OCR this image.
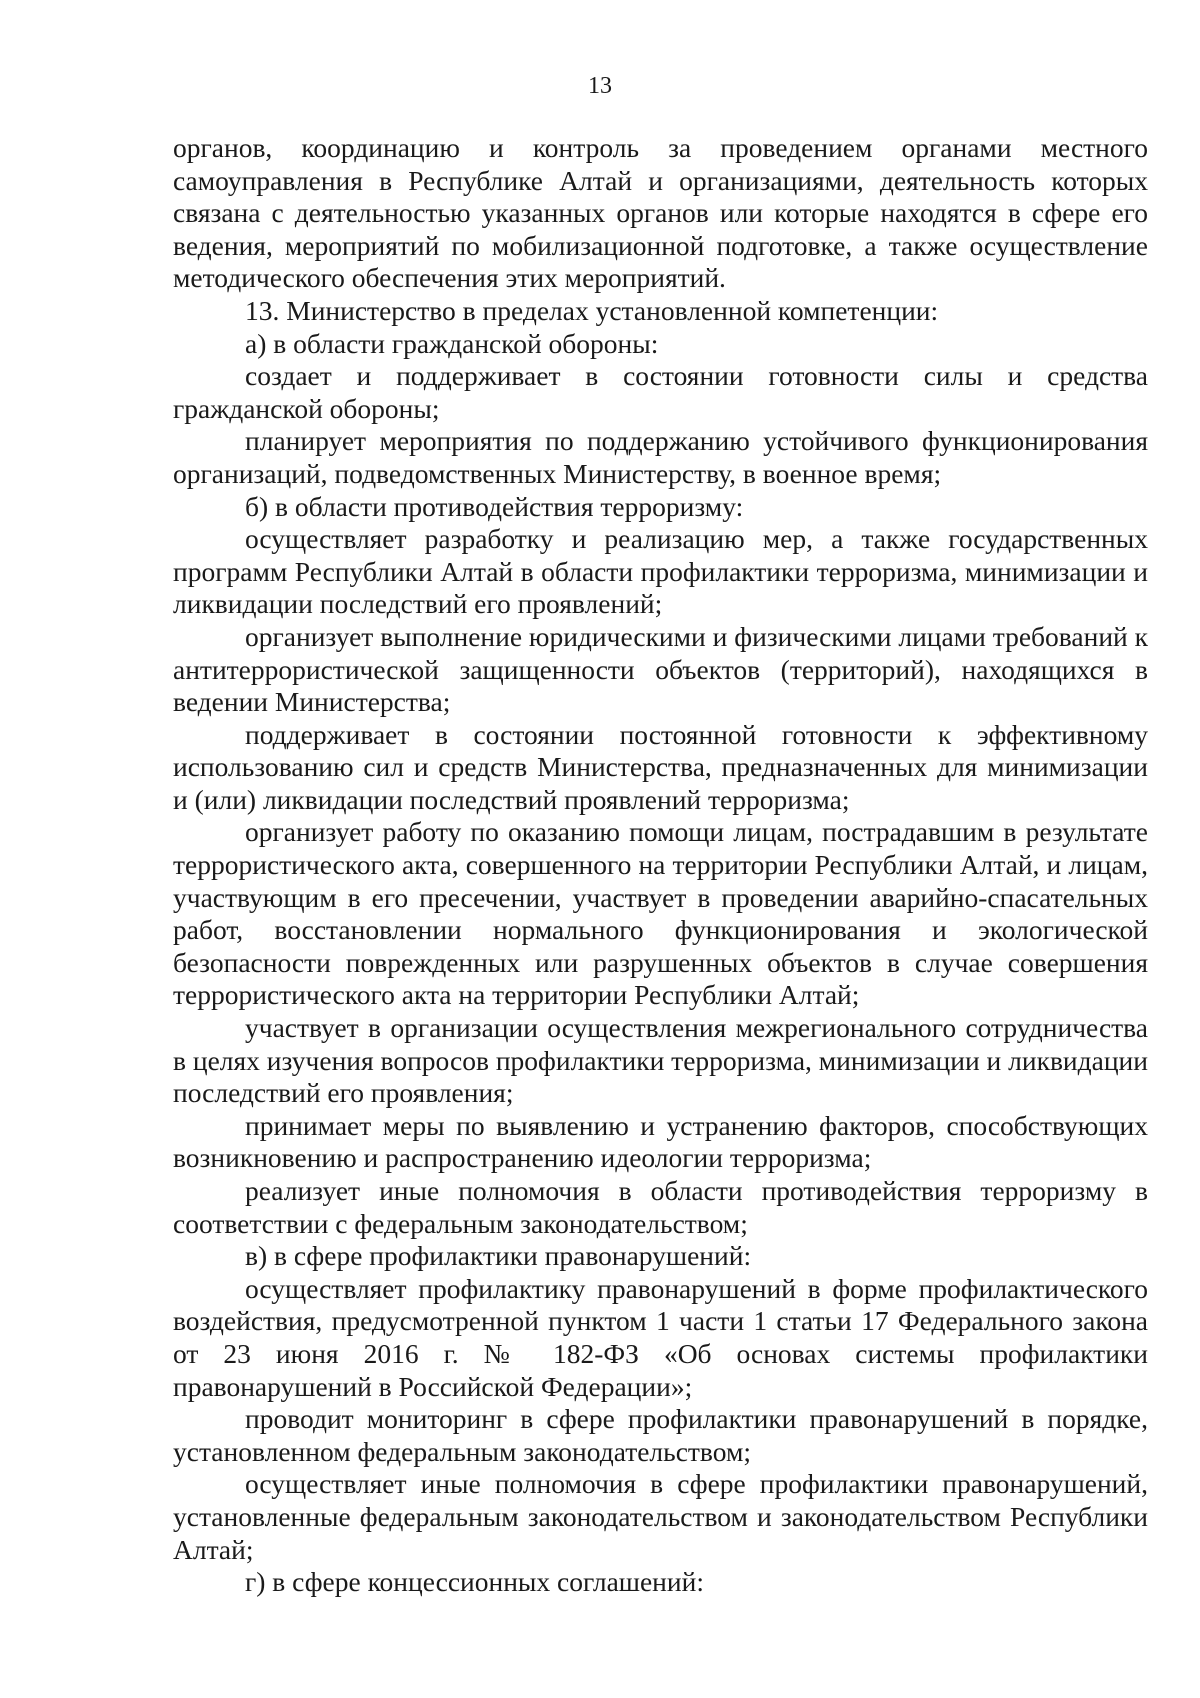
13

органов, координацию и контроль за проведением органами местного самоуправления в Республике Алтай и организациями, деятельность которых связана с деятельностью указанных органов или которые находятся в сфере его ведения, мероприятий по мобилизационной подготовке, а также осуществление методического обеспечения этих мероприятий.

13. Министерство в пределах установленной компетенции:

а) в области гражданской обороны:

создает и поддерживает в состоянии готовности силы и средства гражданской обороны;

планирует мероприятия по поддержанию устойчивого функционирования организаций, подведомственных Министерству, в военное время;

б) в области противодействия терроризму:

осуществляет разработку и реализацию мер, а также государственных программ Республики Алтай в области профилактики терроризма, минимизации и ликвидации последствий его проявлений;

организует выполнение юридическими и физическими лицами требований к антитеррористической защищенности объектов (территорий), находящихся в ведении Министерства;

поддерживает в состоянии постоянной готовности к эффективному использованию сил и средств Министерства, предназначенных для минимизации и (или) ликвидации последствий проявлений терроризма;

организует работу по оказанию помощи лицам, пострадавшим в результате террористического акта, совершенного на территории Республики Алтай, и лицам, участвующим в его пресечении, участвует в проведении аварийно-спасательных работ, восстановлении нормального функционирования и экологической безопасности поврежденных или разрушенных объектов в случае совершения террористического акта на территории Республики Алтай;

участвует в организации осуществления межрегионального сотрудничества в целях изучения вопросов профилактики терроризма, минимизации и ликвидации последствий его проявления;

принимает меры по выявлению и устранению факторов, способствующих возникновению и распространению идеологии терроризма;

реализует иные полномочия в области противодействия терроризму в соответствии с федеральным законодательством;

в) в сфере профилактики правонарушений:

осуществляет профилактику правонарушений в форме профилактического воздействия, предусмотренной пунктом 1 части 1 статьи 17 Федерального закона от 23 июня 2016 г. № 182-ФЗ «Об основах системы профилактики правонарушений в Российской Федерации»;

проводит мониторинг в сфере профилактики правонарушений в порядке, установленном федеральным законодательством;

осуществляет иные полномочия в сфере профилактики правонарушений, установленные федеральным законодательством и законодательством Республики Алтай;

г) в сфере концессионных соглашений:
